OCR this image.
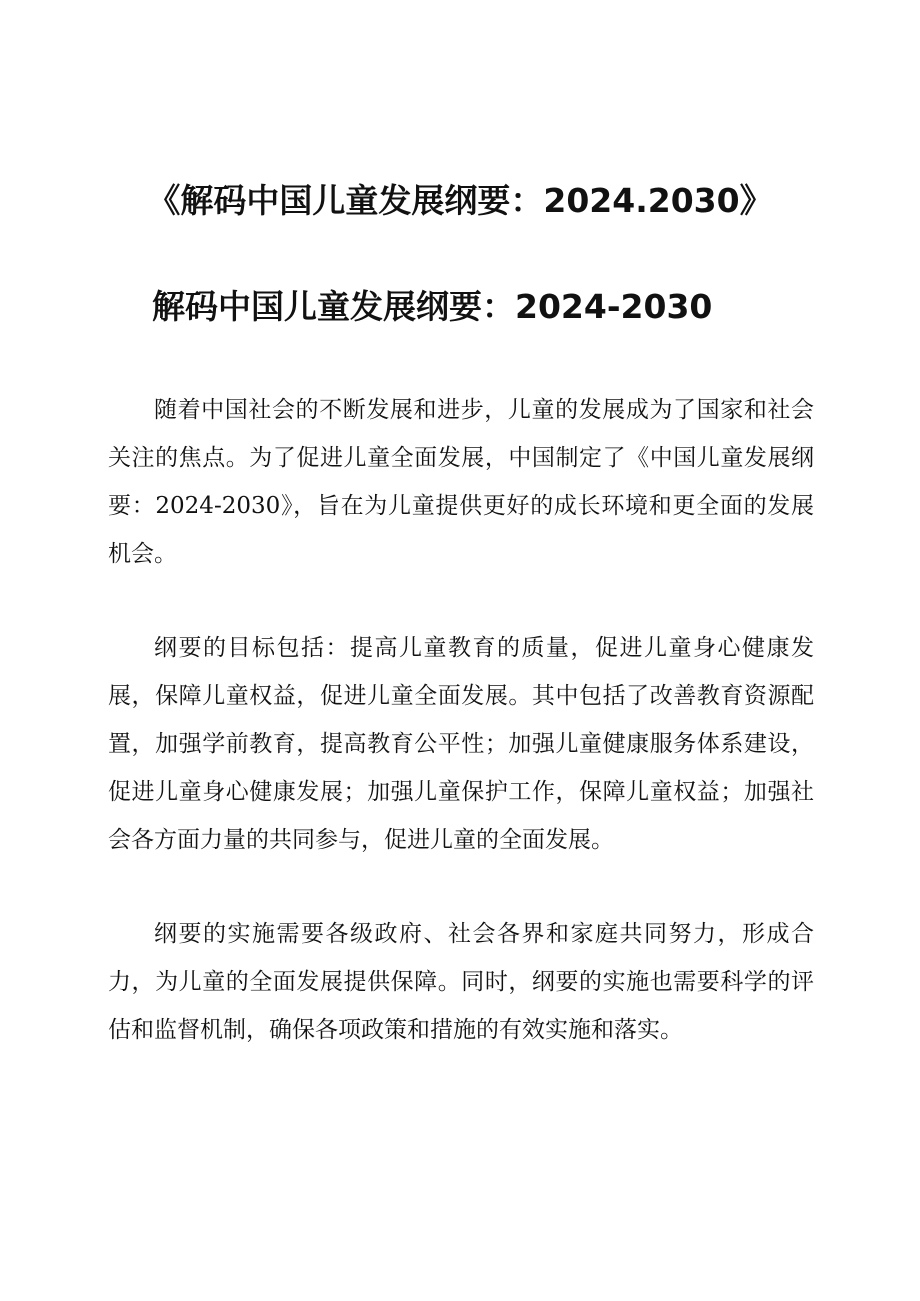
《解码中国儿童发展纲要：2024.2030》
解码中国儿童发展纲要：2024-2030

随着中国社会的不断发展和进步，儿童的发展成为了国家和社会关注的焦点。为了促进儿童全面发展，中国制定了《中国儿童发展纲要：2024-2030》，旨在为儿童提供更好的成长环境和更全面的发展机会。

纲要的目标包括：提高儿童教育的质量，促进儿童身心健康发展，保障儿童权益，促进儿童全面发展。其中包括了改善教育资源配置，加强学前教育，提高教育公平性；加强儿童健康服务体系建设，促进儿童身心健康发展；加强儿童保护工作，保障儿童权益；加强社会各方面力量的共同参与，促进儿童的全面发展。

纲要的实施需要各级政府、社会各界和家庭共同努力，形成合力，为儿童的全面发展提供保障。同时，纲要的实施也需要科学的评估和监督机制，确保各项政策和措施的有效实施和落实。
